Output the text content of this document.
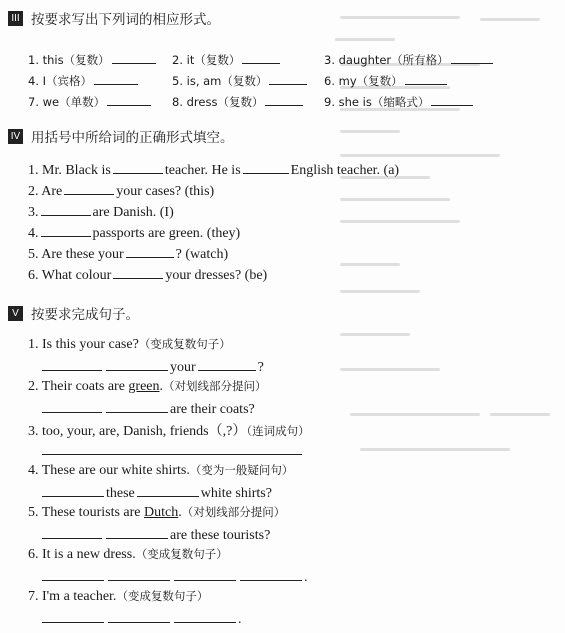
III 按要求写出下列词的相应形式。
1. this（复数）	2. it（复数）	3. daughter（所有格）
4. I（宾格）	5. is, am（复数）	6. my（复数）
7. we（单数）	8. dress（复数）	9. she is（缩略式）
IV 用括号中所给词的正确形式填空。
1. Mr. Black is	teacher. He is	English teacher. (a)
2. Are	your cases? (this)
3.	are Danish. (I)
4.	passports are green. (they)
5. Are these your	? (watch)
6. What colour	your dresses? (be)
V 按要求完成句子。
1. Is this your case?（变成复数句子）
your	?
2. Their coats are green.（对划线部分提问）
are their coats?
3. too, your, are, Danish, friends（,?）（连词成句）
4. These are our white shirts.（变为一般疑问句）
these	white shirts?
5. These tourists are Dutch.（对划线部分提问）
are these tourists?
6. It is a new dress.（变成复数句子）
.
7. I'm a teacher.（变成复数句子）
.
